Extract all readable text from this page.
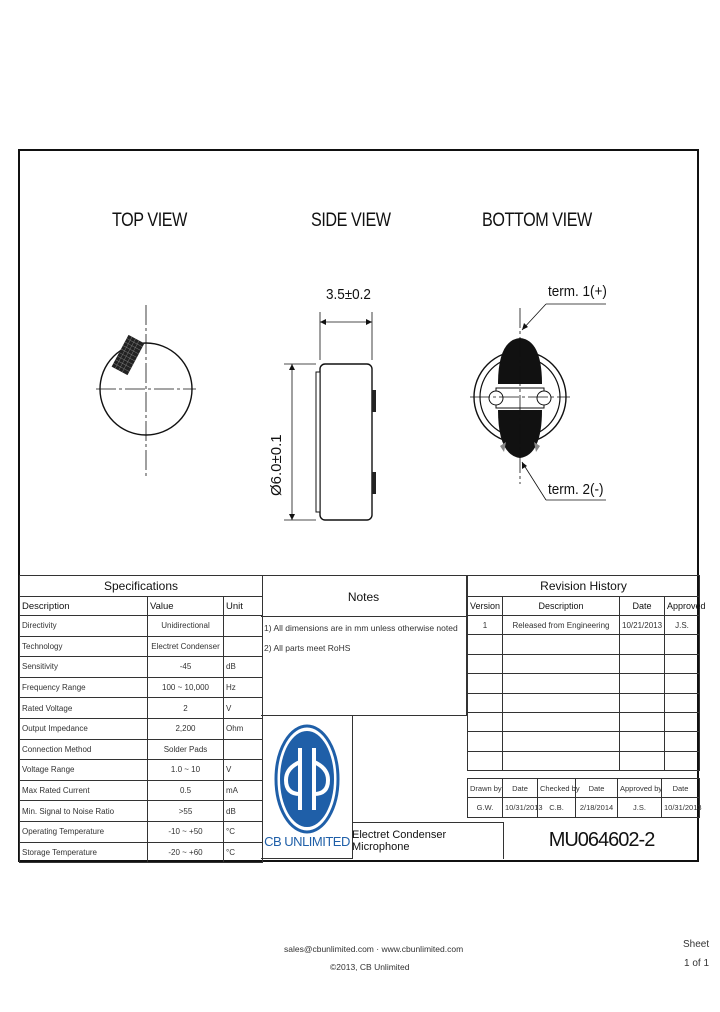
TOP VIEW	SIDE VIEW	BOTTOM VIEW
3.5±0.2
Ø6.0±0.1
term. 1(+)
term. 2(-)
Specifications		
Description	Value	Unit
Directivity	Unidirectional	
Technology	Electret Condenser	
Sensitivity	-45	dB
Frequency Range	100 ~ 10,000	Hz
Rated Voltage	2	V
Output Impedance	2,200	Ohm
Connection Method	Solder Pads	
Voltage Range	1.0 ~ 10	V
Max Rated Current	0.5	mA
Min. Signal to Noise Ratio	>55	dB
Operating Temperature	-10 ~ +50	°C
Storage Temperature	-20 ~ +60	°C
Notes
1) All dimensions are in mm unless otherwise noted
2) All parts meet RoHS
CB UNLIMITED
Revision History			
Version	Description	Date	Approved
1	Released from Engineering	10/21/2013	J.S.

Drawn by	Date	Checked by	Date	Approved by	Date
G.W.	10/31/2013	C.B.	2/18/2014	J.S.	10/31/2013
Electret Condenser Microphone	MU064602-2
sales@cbunlimited.com · www.cbunlimited.com
©2013, CB Unlimited
Sheet
1 of 1
